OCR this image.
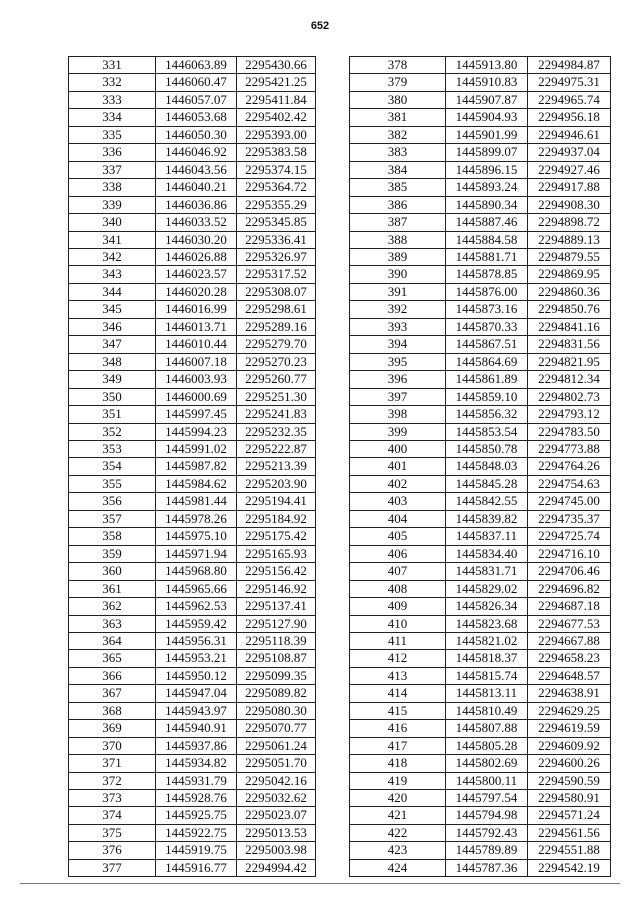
652
331	1446063.89	2295430.66
332	1446060.47	2295421.25
333	1446057.07	2295411.84
334	1446053.68	2295402.42
335	1446050.30	2295393.00
336	1446046.92	2295383.58
337	1446043.56	2295374.15
338	1446040.21	2295364.72
339	1446036.86	2295355.29
340	1446033.52	2295345.85
341	1446030.20	2295336.41
342	1446026.88	2295326.97
343	1446023.57	2295317.52
344	1446020.28	2295308.07
345	1446016.99	2295298.61
346	1446013.71	2295289.16
347	1446010.44	2295279.70
348	1446007.18	2295270.23
349	1446003.93	2295260.77
350	1446000.69	2295251.30
351	1445997.45	2295241.83
352	1445994.23	2295232.35
353	1445991.02	2295222.87
354	1445987.82	2295213.39
355	1445984.62	2295203.90
356	1445981.44	2295194.41
357	1445978.26	2295184.92
358	1445975.10	2295175.42
359	1445971.94	2295165.93
360	1445968.80	2295156.42
361	1445965.66	2295146.92
362	1445962.53	2295137.41
363	1445959.42	2295127.90
364	1445956.31	2295118.39
365	1445953.21	2295108.87
366	1445950.12	2295099.35
367	1445947.04	2295089.82
368	1445943.97	2295080.30
369	1445940.91	2295070.77
370	1445937.86	2295061.24
371	1445934.82	2295051.70
372	1445931.79	2295042.16
373	1445928.76	2295032.62
374	1445925.75	2295023.07
375	1445922.75	2295013.53
376	1445919.75	2295003.98
377	1445916.77	2294994.42
378	1445913.80	2294984.87
379	1445910.83	2294975.31
380	1445907.87	2294965.74
381	1445904.93	2294956.18
382	1445901.99	2294946.61
383	1445899.07	2294937.04
384	1445896.15	2294927.46
385	1445893.24	2294917.88
386	1445890.34	2294908.30
387	1445887.46	2294898.72
388	1445884.58	2294889.13
389	1445881.71	2294879.55
390	1445878.85	2294869.95
391	1445876.00	2294860.36
392	1445873.16	2294850.76
393	1445870.33	2294841.16
394	1445867.51	2294831.56
395	1445864.69	2294821.95
396	1445861.89	2294812.34
397	1445859.10	2294802.73
398	1445856.32	2294793.12
399	1445853.54	2294783.50
400	1445850.78	2294773.88
401	1445848.03	2294764.26
402	1445845.28	2294754.63
403	1445842.55	2294745.00
404	1445839.82	2294735.37
405	1445837.11	2294725.74
406	1445834.40	2294716.10
407	1445831.71	2294706.46
408	1445829.02	2294696.82
409	1445826.34	2294687.18
410	1445823.68	2294677.53
411	1445821.02	2294667.88
412	1445818.37	2294658.23
413	1445815.74	2294648.57
414	1445813.11	2294638.91
415	1445810.49	2294629.25
416	1445807.88	2294619.59
417	1445805.28	2294609.92
418	1445802.69	2294600.26
419	1445800.11	2294590.59
420	1445797.54	2294580.91
421	1445794.98	2294571.24
422	1445792.43	2294561.56
423	1445789.89	2294551.88
424	1445787.36	2294542.19
